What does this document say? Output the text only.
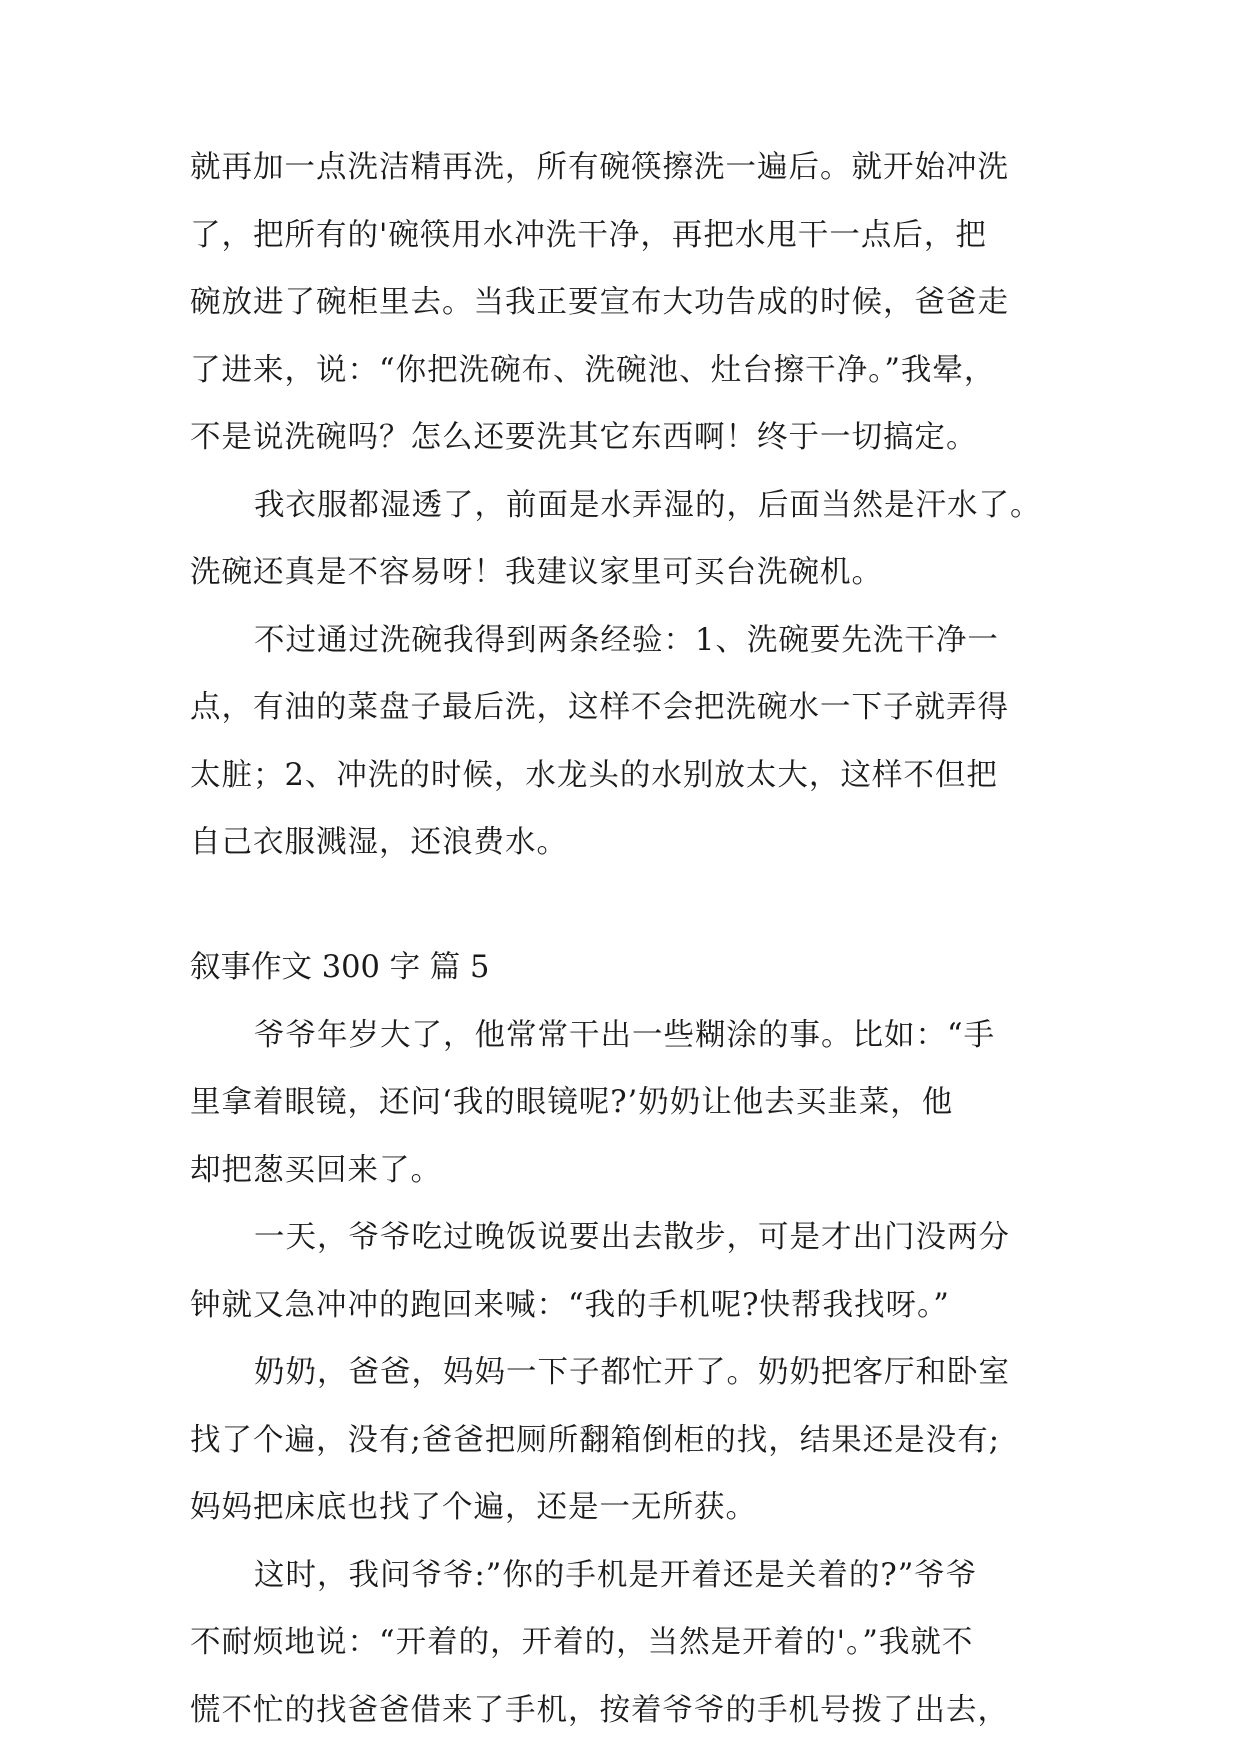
就再加一点洗洁精再洗，所有碗筷擦洗一遍后。就开始冲洗
了，把所有的'碗筷用水冲洗干净，再把水甩干一点后，把
碗放进了碗柜里去。当我正要宣布大功告成的时候，爸爸走
了进来，说：“你把洗碗布、洗碗池、灶台擦干净。”我晕，
不是说洗碗吗？怎么还要洗其它东西啊！终于一切搞定。
我衣服都湿透了，前面是水弄湿的，后面当然是汗水了。
洗碗还真是不容易呀！我建议家里可买台洗碗机。
不过通过洗碗我得到两条经验：1、洗碗要先洗干净一
点，有油的菜盘子最后洗，这样不会把洗碗水一下子就弄得
太脏；2、冲洗的时候，水龙头的水别放太大，这样不但把
自己衣服溅湿，还浪费水。
叙事作文 300 字 篇 5
爷爷年岁大了，他常常干出一些糊涂的事。比如：“手
里拿着眼镜，还问‘我的眼镜呢?’奶奶让他去买韭菜，他
却把葱买回来了。
一天，爷爷吃过晚饭说要出去散步，可是才出门没两分
钟就又急冲冲的跑回来喊：“我的手机呢?快帮我找呀。”
奶奶，爸爸，妈妈一下子都忙开了。奶奶把客厅和卧室
找了个遍，没有;爸爸把厕所翻箱倒柜的找，结果还是没有;
妈妈把床底也找了个遍，还是一无所获。
这时，我问爷爷:”你的手机是开着还是关着的?”爷爷
不耐烦地说：“开着的，开着的，当然是开着的'。”我就不
慌不忙的找爸爸借来了手机，按着爷爷的手机号拨了出去，
